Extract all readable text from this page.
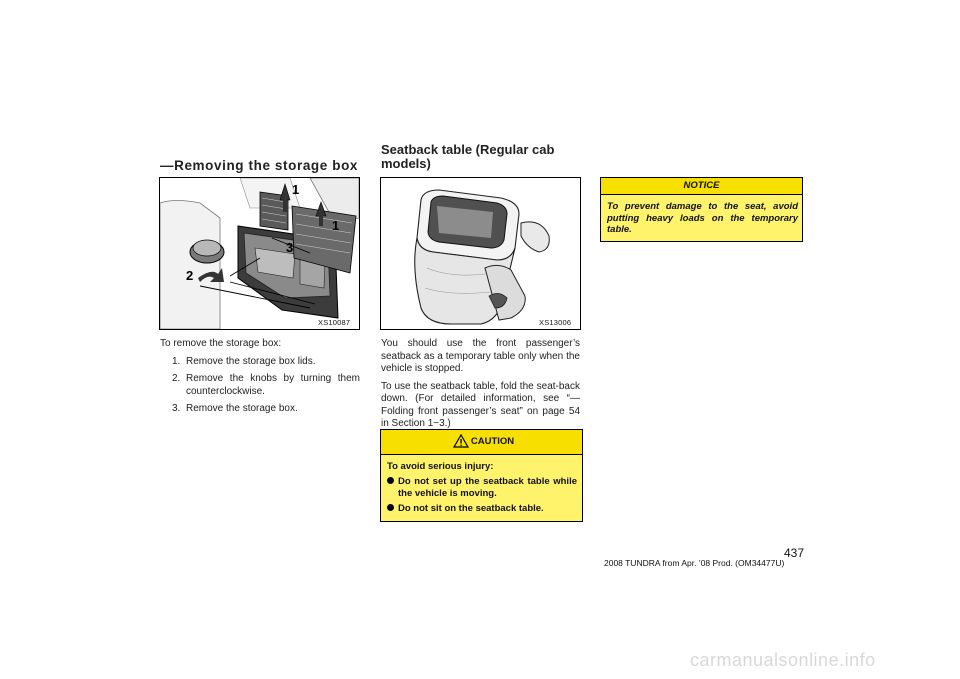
—Removing the storage box
1
1
2
3
XS10087
To remove the storage box:
1. Remove the storage box lids.
2. Remove the knobs by turning them counterclockwise.
3. Remove the storage box.
Seatback table (Regular cab
models)
XS13006

You should use the front passenger’s seatback as a temporary table only when the vehicle is stopped.

To use the seatback table, fold the seat-back down. (For detailed information, see “—Folding front passenger’s seat” on page 54 in Section 1−3.)

CAUTION
To avoid serious injury:
Do not set up the seatback table while the vehicle is moving.
Do not sit on the seatback table.
NOTICE
To prevent damage to the seat, avoid putting heavy loads on the temporary table.
437
2008 TUNDRA from Apr. ’08 Prod. (OM34477U)
carmanualsonline.info
